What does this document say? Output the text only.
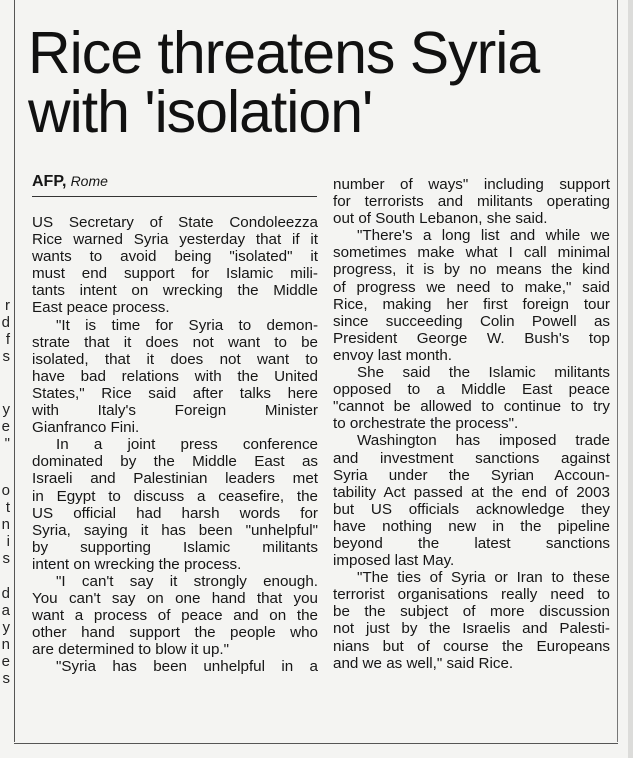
r
d
f
s
y
e
"
o
t
n
i
s
d
a
y
n
e
s
Rice threatens Syria
with 'isolation'
AFP, Rome
US Secretary of State Condoleezza
Rice warned Syria yesterday that if it
wants to avoid being "isolated" it
must end support for Islamic mili-
tants intent on wrecking the Middle
East peace process.
"It is time for Syria to demon-
strate that it does not want to be
isolated, that it does not want to
have bad relations with the United
States," Rice said after talks here
with Italy's Foreign Minister
Gianfranco Fini.
In a joint press conference
dominated by the Middle East as
Israeli and Palestinian leaders met
in Egypt to discuss a ceasefire, the
US official had harsh words for
Syria, saying it has been "unhelpful"
by supporting Islamic militants
intent on wrecking the process.
"I can't say it strongly enough.
You can't say on one hand that you
want a process of peace and on the
other hand support the people who
are determined to blow it up."
"Syria has been unhelpful in a
number of ways" including support
for terrorists and militants operating
out of South Lebanon, she said.
"There's a long list and while we
sometimes make what I call minimal
progress, it is by no means the kind
of progress we need to make," said
Rice, making her first foreign tour
since succeeding Colin Powell as
President George W. Bush's top
envoy last month.
She said the Islamic militants
opposed to a Middle East peace
"cannot be allowed to continue to try
to orchestrate the process".
Washington has imposed trade
and investment sanctions against
Syria under the Syrian Accoun-
tability Act passed at the end of 2003
but US officials acknowledge they
have nothing new in the pipeline
beyond the latest sanctions
imposed last May.
"The ties of Syria or Iran to these
terrorist organisations really need to
be the subject of more discussion
not just by the Israelis and Palesti-
nians but of course the Europeans
and we as well," said Rice.
